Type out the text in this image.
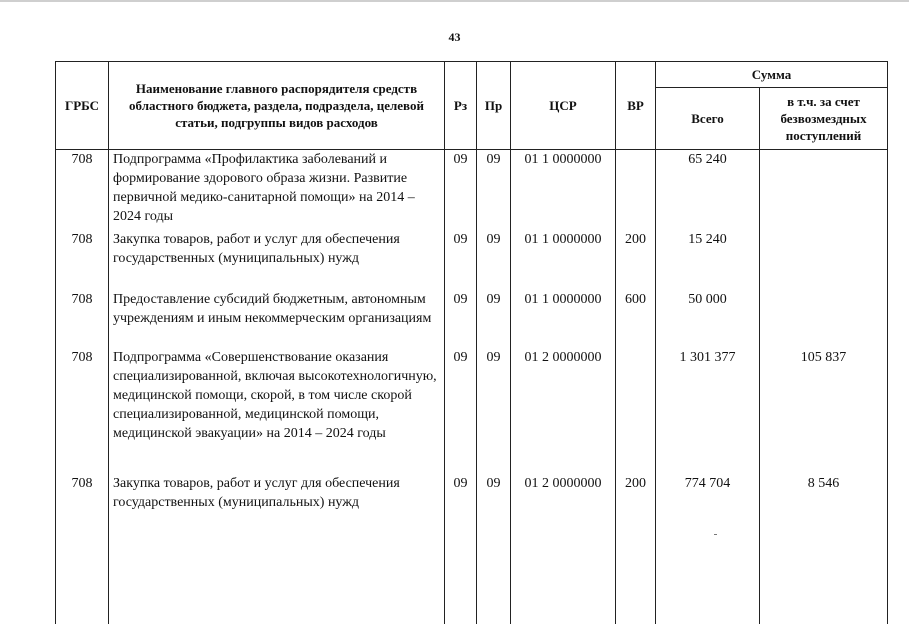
43
ГРБС	Наименование главного распорядителя средств областного бюджета, раздела, подраздела, целевой статьи, подгруппы видов расходов	Рз	Пр	ЦСР	ВР	Сумма	
						Всего	в т.ч. за счет безвозмездных поступлений
708	Подпрограмма «Профилактика заболеваний и формирование здорового образа жизни. Развитие первичной медико-санитарной помощи» на 2014 – 2024 годы	09	09	01 1 0000000		65 240	
708	Закупка товаров, работ и услуг для обеспечения государственных (муниципальных) нужд	09	09	01 1 0000000	200	15 240	
708	Предоставление субсидий бюджетным, автономным учреждениям и иным некоммерческим организациям	09	09	01 1 0000000	600	50 000	
708	Подпрограмма «Совершенствование оказания специализированной, включая высокотехнологичную, медицинской помощи, скорой, в том числе скорой специализированной, медицинской помощи, медицинской эвакуации» на 2014 – 2024 годы	09	09	01 2 0000000		1 301 377	105 837
708	Закупка товаров, работ и услуг для обеспечения государственных (муниципальных) нужд	09	09	01 2 0000000	200	774 704	8 546
